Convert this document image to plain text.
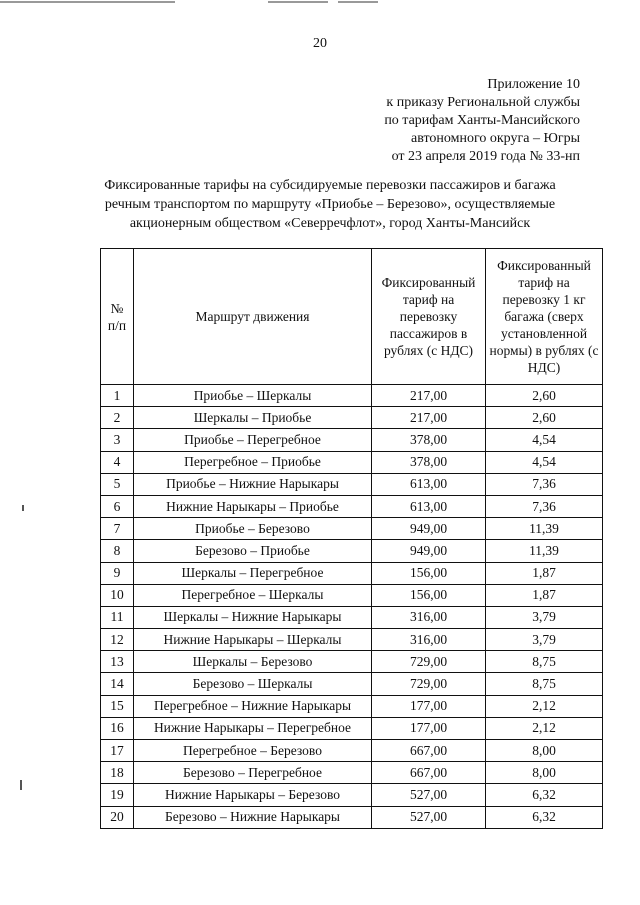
20
Приложение 10
к приказу Региональной службы
по тарифам Ханты-Мансийского
автономного округа – Югры
от 23 апреля 2019 года № 33-нп
Фиксированные тарифы на субсидируемые перевозки пассажиров и багажа
речным транспортом по маршруту «Приобье – Березово», осуществляемые
акционерным обществом «Северречфлот», город Ханты-Мансийск
№ п/п	Маршрут движения	Фиксированный тариф на перевозку пассажиров в рублях (с НДС)	Фиксированный тариф на перевозку 1 кг багажа (сверх установленной нормы) в рублях (с НДС)
1	Приобье – Шеркалы	217,00	2,60
2	Шеркалы – Приобье	217,00	2,60
3	Приобье – Перегребное	378,00	4,54
4	Перегребное – Приобье	378,00	4,54
5	Приобье – Нижние Нарыкары	613,00	7,36
6	Нижние Нарыкары – Приобье	613,00	7,36
7	Приобье – Березово	949,00	11,39
8	Березово – Приобье	949,00	11,39
9	Шеркалы – Перегребное	156,00	1,87
10	Перегребное – Шеркалы	156,00	1,87
11	Шеркалы – Нижние Нарыкары	316,00	3,79
12	Нижние Нарыкары – Шеркалы	316,00	3,79
13	Шеркалы – Березово	729,00	8,75
14	Березово – Шеркалы	729,00	8,75
15	Перегребное – Нижние Нарыкары	177,00	2,12
16	Нижние Нарыкары – Перегребное	177,00	2,12
17	Перегребное – Березово	667,00	8,00
18	Березово – Перегребное	667,00	8,00
19	Нижние Нарыкары – Березово	527,00	6,32
20	Березово – Нижние Нарыкары	527,00	6,32
